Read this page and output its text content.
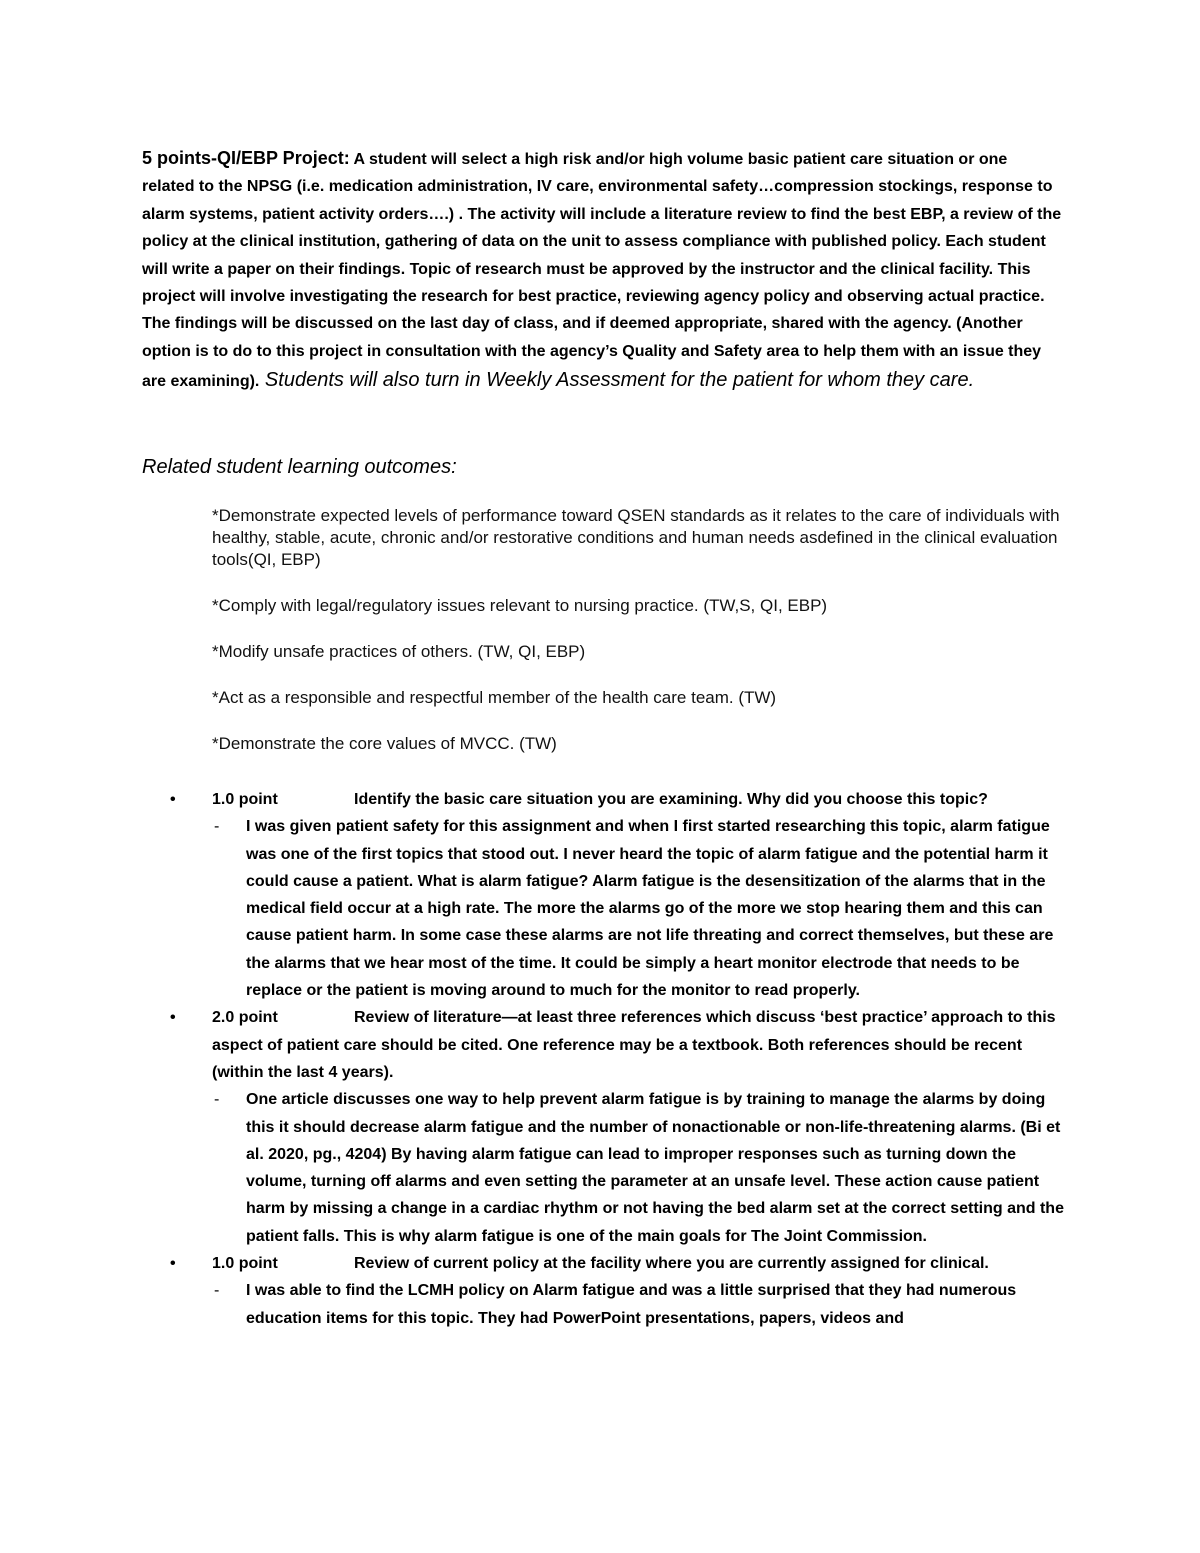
5 points-QI/EBP Project: A student will select a high risk and/or high volume basic patient care situation or one related to the NPSG (i.e. medication administration, IV care, environmental safety…compression stockings, response to alarm systems, patient activity orders….) . The activity will include a literature review to find the best EBP, a review of the policy at the clinical institution, gathering of data on the unit to assess compliance with published policy. Each student will write a paper on their findings. Topic of research must be approved by the instructor and the clinical facility. This project will involve investigating the research for best practice, reviewing agency policy and observing actual practice. The findings will be discussed on the last day of class, and if deemed appropriate, shared with the agency. (Another option is to do to this project in consultation with the agency’s Quality and Safety area to help them with an issue they are examining). Students will also turn in Weekly Assessment for the patient for whom they care.
Related student learning outcomes:
*Demonstrate expected levels of performance toward QSEN standards as it relates to the care of individuals with healthy, stable, acute, chronic and/or restorative conditions and human needs asdefined in the clinical evaluation tools(QI, EBP)
*Comply with legal/regulatory issues relevant to nursing practice. (TW,S, QI, EBP)
*Modify unsafe practices of others. (TW, QI, EBP)
*Act as a responsible and respectful member of the health care team. (TW)
*Demonstrate the core values of MVCC. (TW)
• 1.0 point	Identify the basic care situation you are examining. Why did you choose this topic?
- I was given patient safety for this assignment and when I first started researching this topic, alarm fatigue was one of the first topics that stood out. I never heard the topic of alarm fatigue and the potential harm it could cause a patient. What is alarm fatigue? Alarm fatigue is the desensitization of the alarms that in the medical field occur at a high rate. The more the alarms go of the more we stop hearing them and this can cause patient harm. In some case these alarms are not life threating and correct themselves, but these are the alarms that we hear most of the time. It could be simply a heart monitor electrode that needs to be replace or the patient is moving around to much for the monitor to read properly.
• 2.0 point	Review of literature—at least three references which discuss ‘best practice’ approach to this aspect of patient care should be cited. One reference may be a textbook. Both references should be recent (within the last 4 years).
- One article discusses one way to help prevent alarm fatigue is by training to manage the alarms by doing this it should decrease alarm fatigue and the number of nonactionable or non-life-threatening alarms. (Bi et al. 2020, pg., 4204) By having alarm fatigue can lead to improper responses such as turning down the volume, turning off alarms and even setting the parameter at an unsafe level. These action cause patient harm by missing a change in a cardiac rhythm or not having the bed alarm set at the correct setting and the patient falls. This is why alarm fatigue is one of the main goals for The Joint Commission.
• 1.0 point	Review of current policy at the facility where you are currently assigned for clinical.
- I was able to find the LCMH policy on Alarm fatigue and was a little surprised that they had numerous education items for this topic. They had PowerPoint presentations, papers, videos and
